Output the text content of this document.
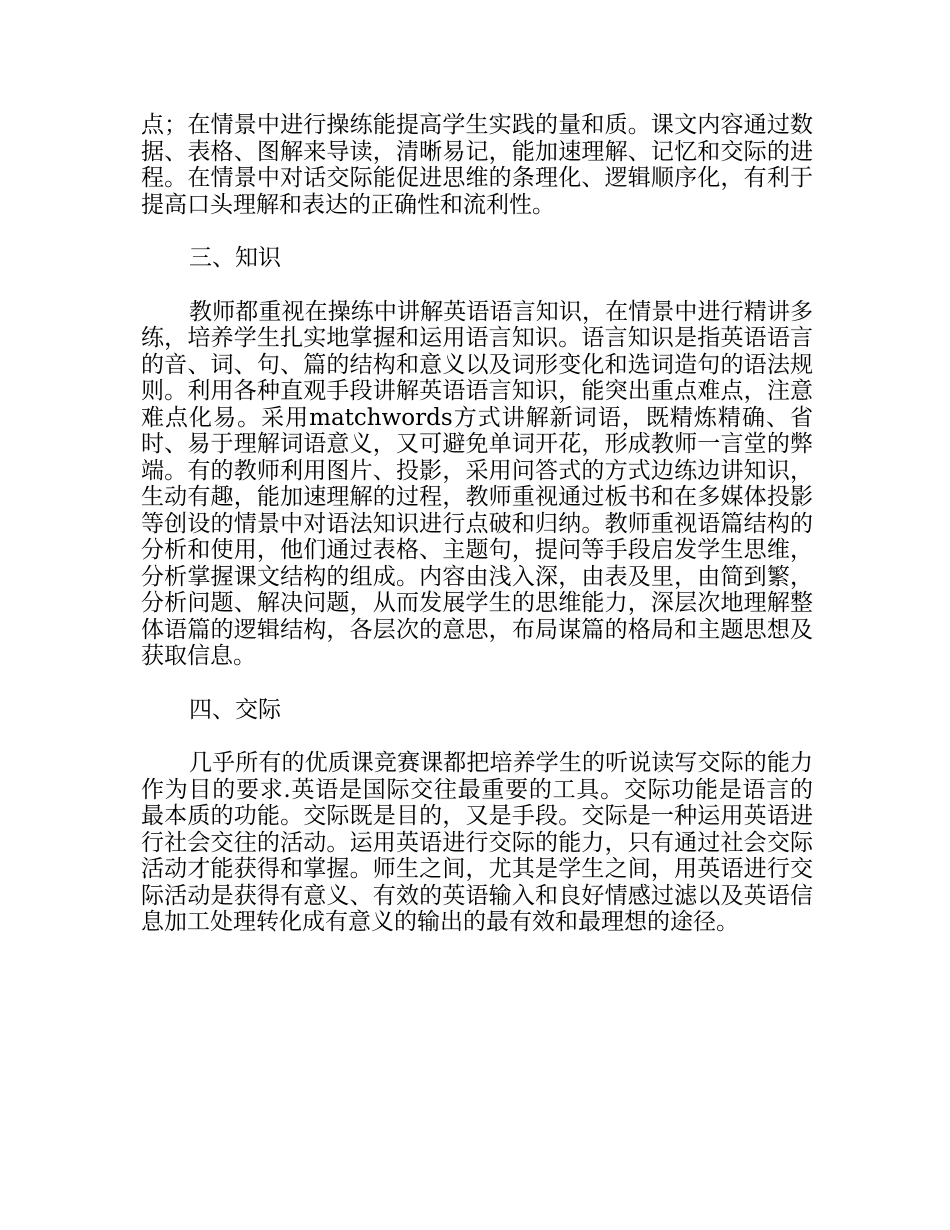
点；在情景中进行操练能提高学生实践的量和质。课文内容通过数据、表格、图解来导读，清晰易记，能加速理解、记忆和交际的进程。在情景中对话交际能促进思维的条理化、逻辑顺序化，有利于提高口头理解和表达的正确性和流利性。

三、知识

教师都重视在操练中讲解英语语言知识，在情景中进行精讲多练，培养学生扎实地掌握和运用语言知识。语言知识是指英语语言的音、词、句、篇的结构和意义以及词形变化和选词造句的语法规则。利用各种直观手段讲解英语语言知识，能突出重点难点，注意难点化易。采用matchwords方式讲解新词语，既精炼精确、省时、易于理解词语意义，又可避免单词开花，形成教师一言堂的弊端。有的教师利用图片、投影，采用问答式的方式边练边讲知识，生动有趣，能加速理解的过程，教师重视通过板书和在多媒体投影等创设的情景中对语法知识进行点破和归纳。教师重视语篇结构的分析和使用，他们通过表格、主题句，提问等手段启发学生思维，分析掌握课文结构的组成。内容由浅入深，由表及里，由简到繁，分析问题、解决问题，从而发展学生的思维能力，深层次地理解整体语篇的逻辑结构，各层次的意思，布局谋篇的格局和主题思想及获取信息。

四、交际

几乎所有的优质课竞赛课都把培养学生的听说读写交际的能力作为目的要求.英语是国际交往最重要的工具。交际功能是语言的最本质的功能。交际既是目的，又是手段。交际是一种运用英语进行社会交往的活动。运用英语进行交际的能力，只有通过社会交际活动才能获得和掌握。师生之间，尤其是学生之间，用英语进行交际活动是获得有意义、有效的英语输入和良好情感过滤以及英语信息加工处理转化成有意义的输出的最有效和最理想的途径。
